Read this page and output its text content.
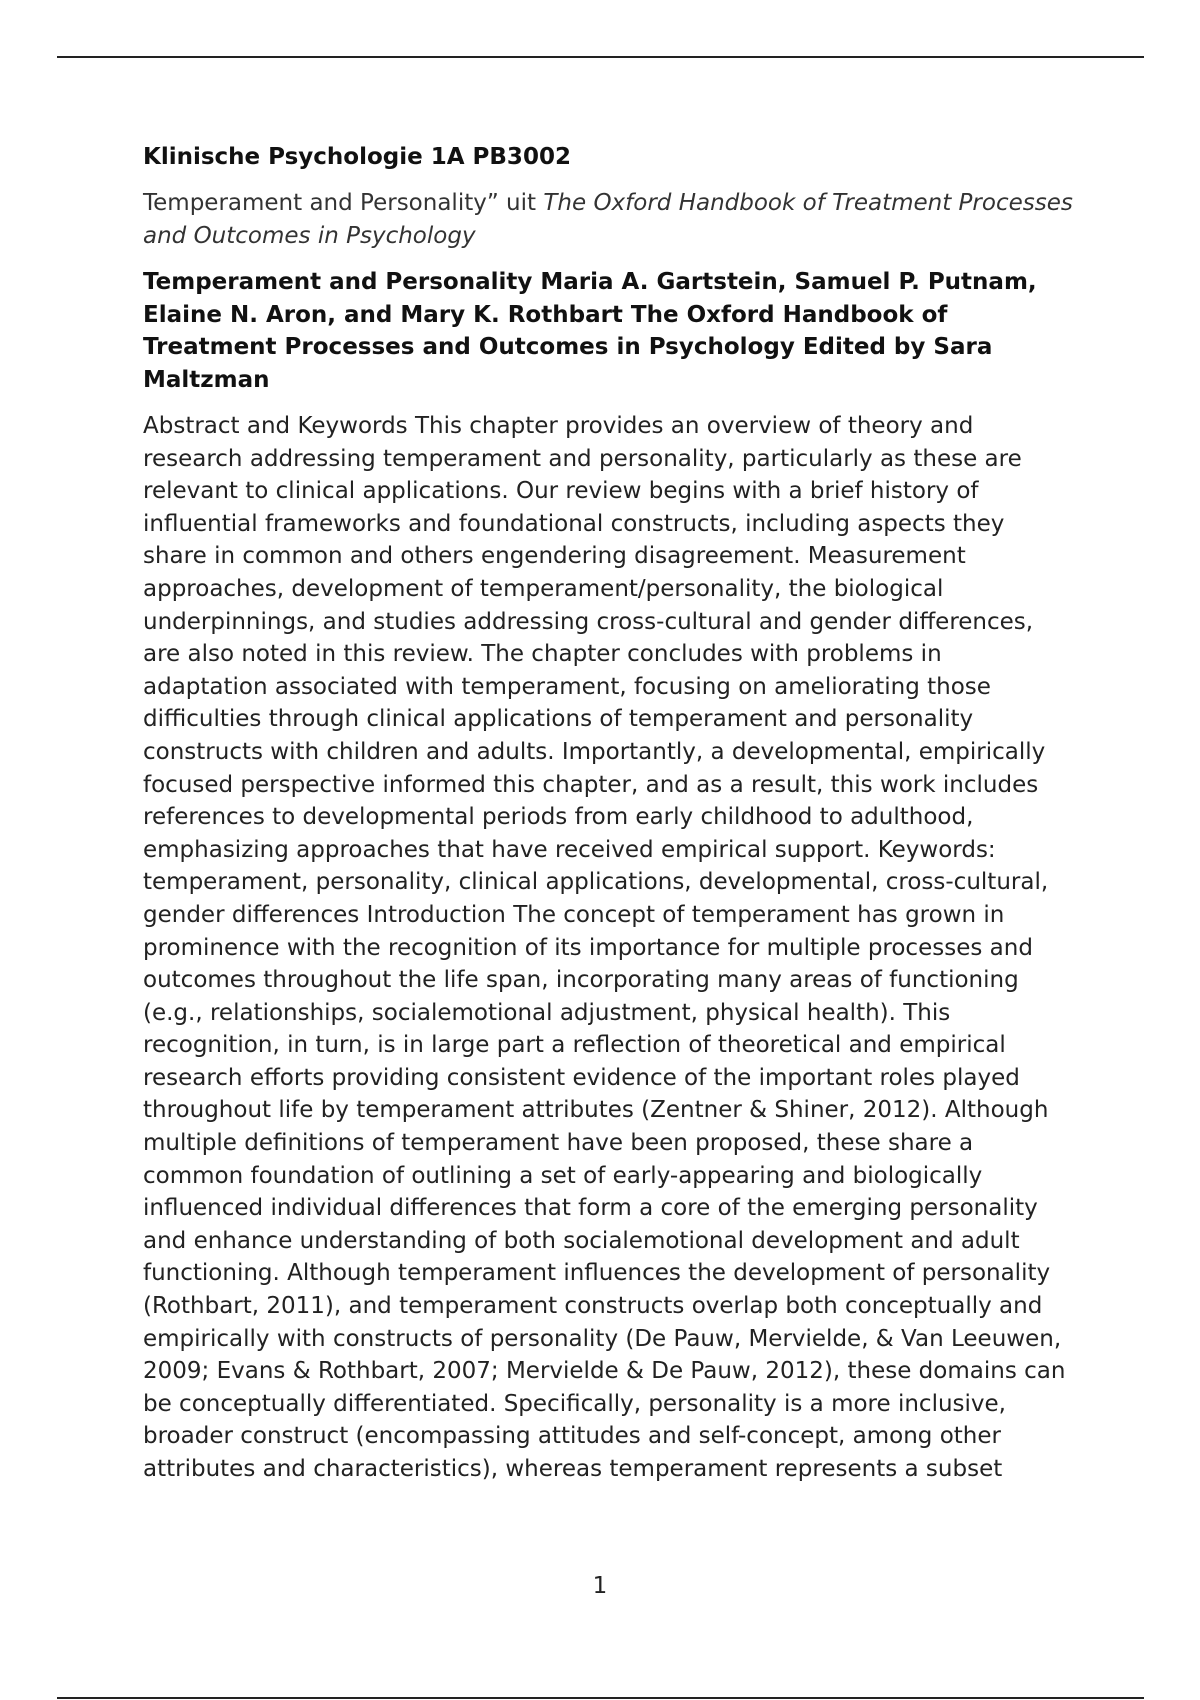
Klinische Psychologie 1A PB3002

Temperament and Personality” uit The Oxford Handbook of Treatment Processes and Outcomes in Psychology

Temperament and Personality Maria A. Gartstein, Samuel P. Putnam, Elaine N. Aron, and Mary K. Rothbart The Oxford Handbook of Treatment Processes and Outcomes in Psychology Edited by Sara Maltzman

Abstract and Keywords This chapter provides an overview of theory and research addressing temperament and personality, particularly as these are relevant to clinical applications. Our review begins with a brief history of influential frameworks and foundational constructs, including aspects they share in common and others engendering disagreement. Measurement approaches, development of temperament/personality, the biological underpinnings, and studies addressing cross-cultural and gender differences, are also noted in this review. The chapter concludes with problems in adaptation associated with temperament, focusing on ameliorating those difficulties through clinical applications of temperament and personality constructs with children and adults. Importantly, a developmental, empirically focused perspective informed this chapter, and as a result, this work includes references to developmental periods from early childhood to adulthood, emphasizing approaches that have received empirical support. Keywords: temperament, personality, clinical applications, developmental, cross-cultural, gender differences Introduction The concept of temperament has grown in prominence with the recognition of its importance for multiple processes and outcomes throughout the life span, incorporating many areas of functioning (e.g., relationships, socialemotional adjustment, physical health). This recognition, in turn, is in large part a reflection of theoretical and empirical research efforts providing consistent evidence of the important roles played throughout life by temperament attributes (Zentner & Shiner, 2012). Although multiple definitions of temperament have been proposed, these share a common foundation of outlining a set of early-appearing and biologically influenced individual differences that form a core of the emerging personality and enhance understanding of both socialemotional development and adult functioning. Although temperament influences the development of personality (Rothbart, 2011), and temperament constructs overlap both conceptually and empirically with constructs of personality (De Pauw, Mervielde, & Van Leeuwen, 2009; Evans & Rothbart, 2007; Mervielde & De Pauw, 2012), these domains can be conceptually differentiated. Specifically, personality is a more inclusive, broader construct (encompassing attitudes and self-concept, among other attributes and characteristics), whereas temperament represents a subset

1
